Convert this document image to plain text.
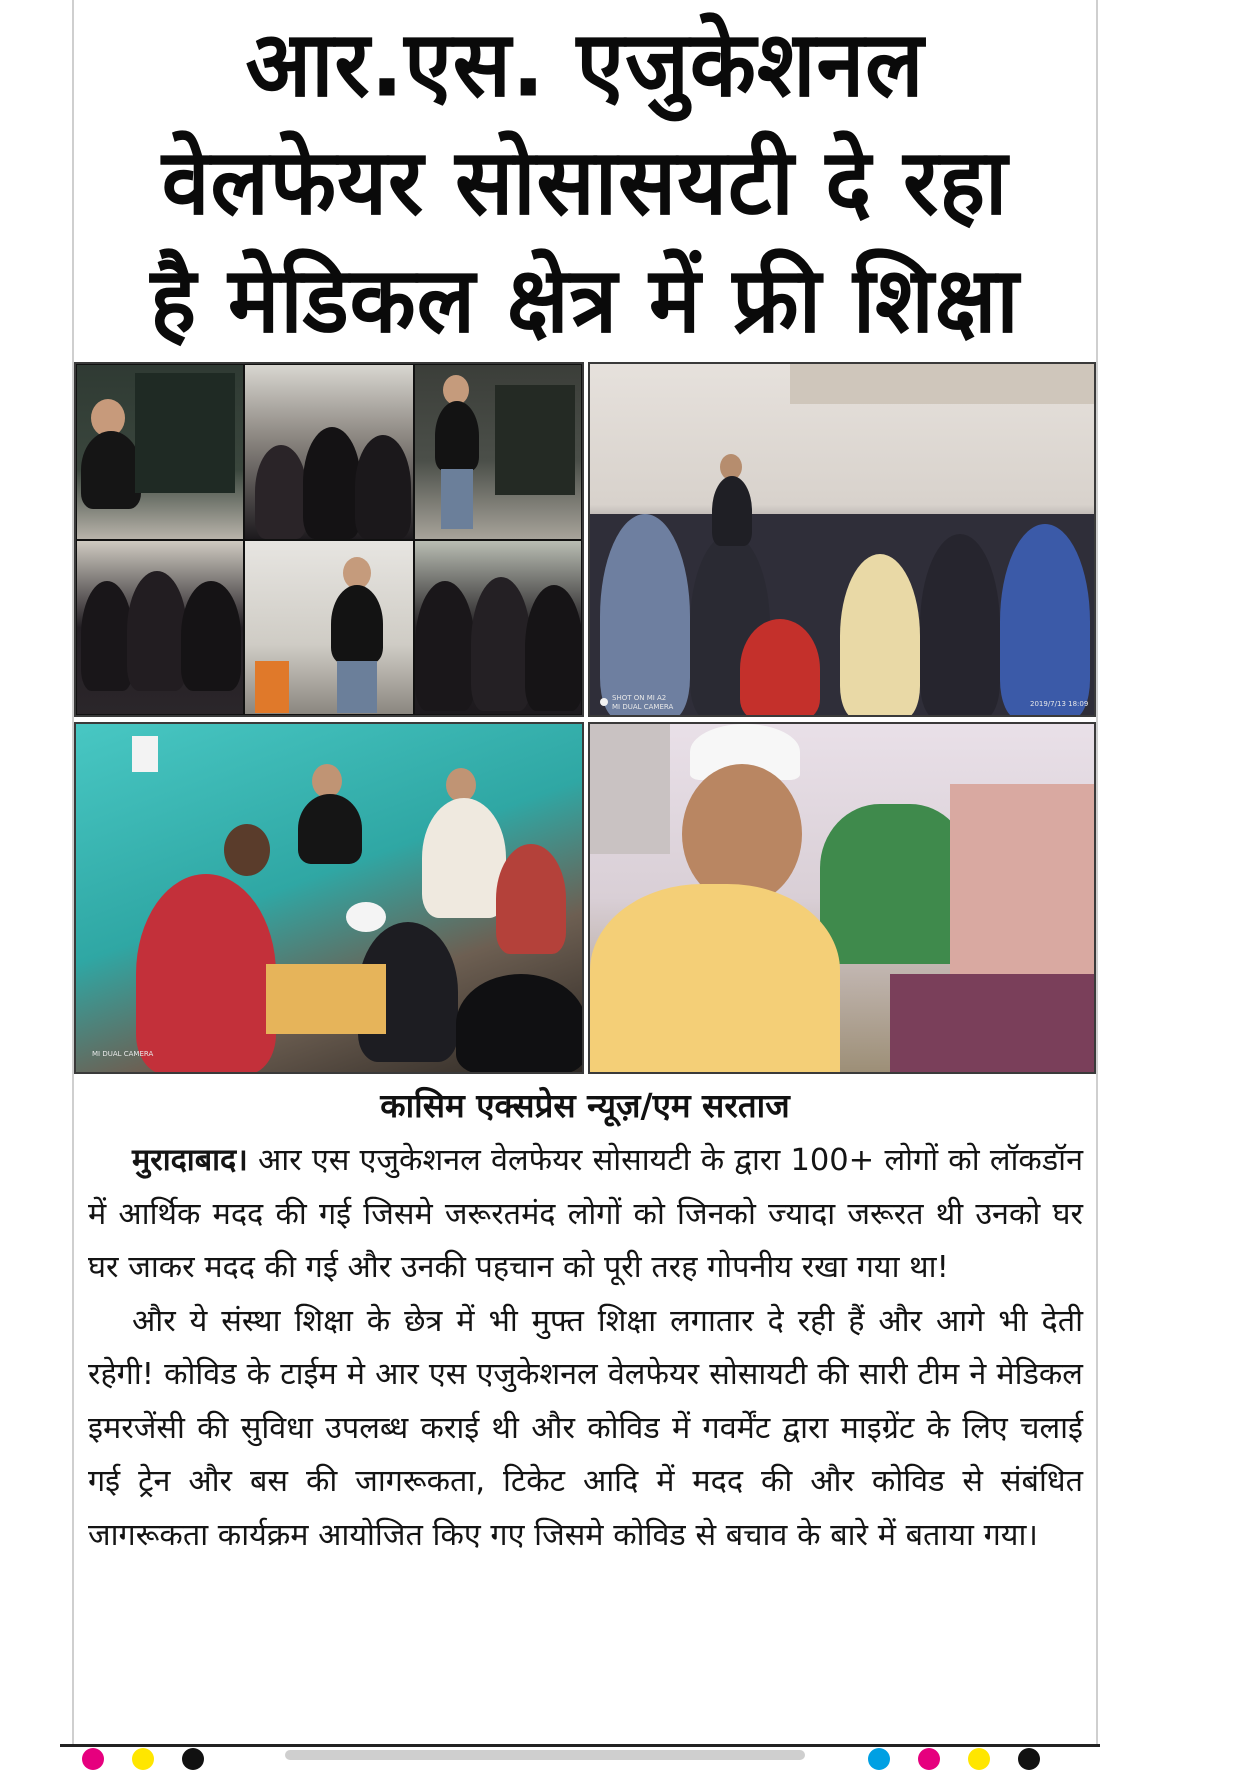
आर.एस. एजुकेशनल
वेलफेयर सोसासयटी दे रहा
है मेडिकल क्षेत्र में फ्री शिक्षा
SHOT ON MI A2
MI DUAL CAMERA	2019/7/13 18:09
MI DUAL CAMERA
कासिम एक्सप्रेस न्यूज़/एम सरताज

मुरादाबाद। आर एस एजुकेशनल वेलफेयर सोसायटी के द्वारा 100+ लोगों को लॉकडॉन में आर्थिक मदद की गई जिसमे जरूरतमंद लोगों को जिनको ज्यादा जरूरत थी उनको घर घर जाकर मदद की गई और उनकी पहचान को पूरी तरह गोपनीय रखा गया था!

और ये संस्था शिक्षा के छेत्र में भी मुफ्त शिक्षा लगातार दे रही हैं और आगे भी देती रहेगी! कोविड के टाईम मे आर एस एजुकेशनल वेलफेयर सोसायटी की सारी टीम ने मेडिकल इमरजेंसी की सुविधा उपलब्ध कराई थी और कोविड में गवर्मेंट द्वारा माइग्रेंट के लिए चलाई गई ट्रेन और बस की जागरूकता, टिकेट आदि में मदद की और कोविड से संबंधित जागरूकता कार्यक्रम आयोजित किए गए जिसमे कोविड से बचाव के बारे में बताया गया।
